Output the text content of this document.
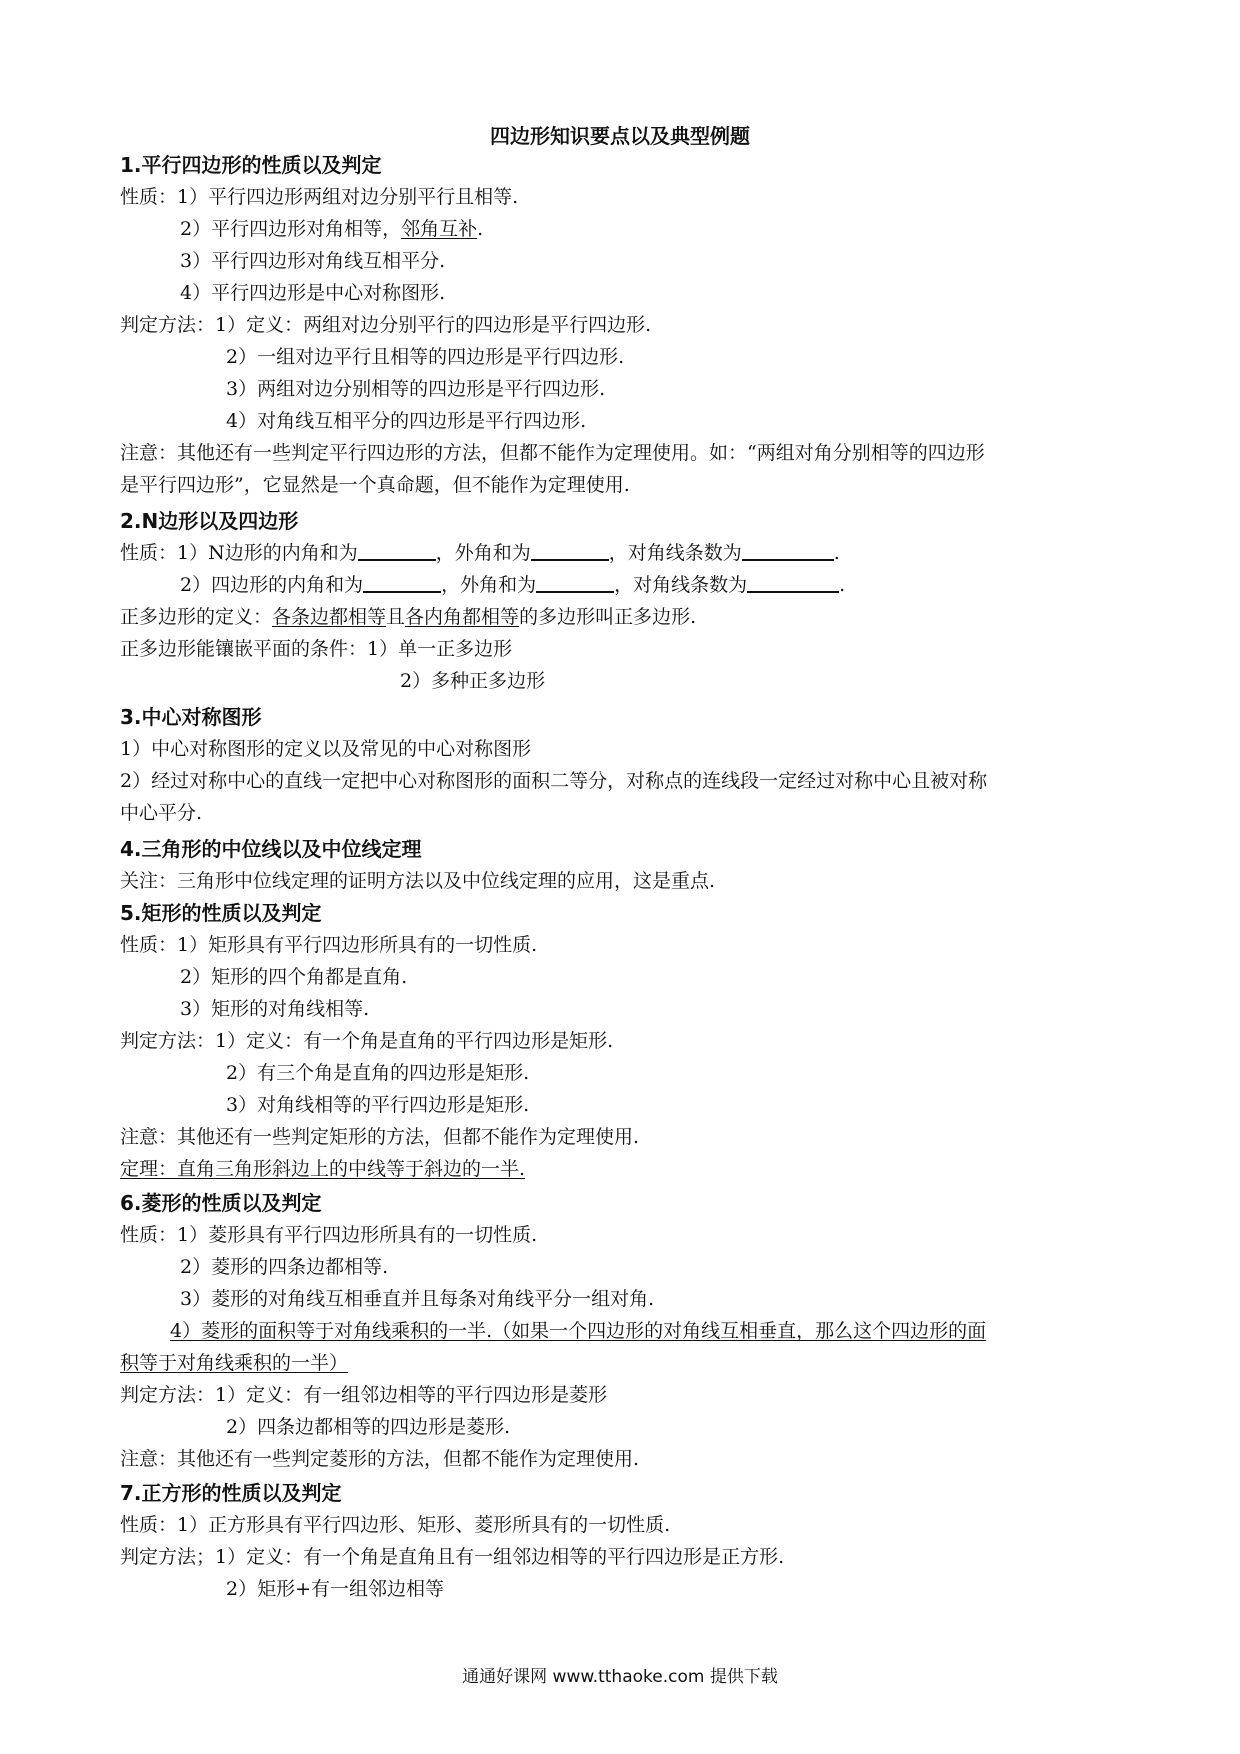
四边形知识要点以及典型例题
1.平行四边形的性质以及判定
性质：1）平行四边形两组对边分别平行且相等.
2）平行四边形对角相等，邻角互补.
3）平行四边形对角线互相平分.
4）平行四边形是中心对称图形.
判定方法：1）定义：两组对边分别平行的四边形是平行四边形.
2）一组对边平行且相等的四边形是平行四边形.
3）两组对边分别相等的四边形是平行四边形.
4）对角线互相平分的四边形是平行四边形.
注意：其他还有一些判定平行四边形的方法，但都不能作为定理使用。如：“两组对角分别相等的四边形
是平行四边形”，它显然是一个真命题，但不能作为定理使用.
2.N边形以及四边形
性质：1）N边形的内角和为	，外角和为	，对角线条数为	.
2）四边形的内角和为	，外角和为	，对角线条数为	.
正多边形的定义：各条边都相等且各内角都相等的多边形叫正多边形.
正多边形能镶嵌平面的条件：1）单一正多边形
2）多种正多边形
3.中心对称图形
1）中心对称图形的定义以及常见的中心对称图形
2）经过对称中心的直线一定把中心对称图形的面积二等分，对称点的连线段一定经过对称中心且被对称
中心平分.
4.三角形的中位线以及中位线定理
关注：三角形中位线定理的证明方法以及中位线定理的应用，这是重点.
5.矩形的性质以及判定
性质：1）矩形具有平行四边形所具有的一切性质.
2）矩形的四个角都是直角.
3）矩形的对角线相等.
判定方法：1）定义：有一个角是直角的平行四边形是矩形.
2）有三个角是直角的四边形是矩形.
3）对角线相等的平行四边形是矩形.
注意：其他还有一些判定矩形的方法，但都不能作为定理使用.
定理：直角三角形斜边上的中线等于斜边的一半.
6.菱形的性质以及判定
性质：1）菱形具有平行四边形所具有的一切性质.
2）菱形的四条边都相等.
3）菱形的对角线互相垂直并且每条对角线平分一组对角.
4）菱形的面积等于对角线乘积的一半.（如果一个四边形的对角线互相垂直，那么这个四边形的面
积等于对角线乘积的一半）
判定方法：1）定义：有一组邻边相等的平行四边形是菱形
2）四条边都相等的四边形是菱形.
注意：其他还有一些判定菱形的方法，但都不能作为定理使用.
7.正方形的性质以及判定
性质：1）正方形具有平行四边形、矩形、菱形所具有的一切性质.
判定方法；1）定义：有一个角是直角且有一组邻边相等的平行四边形是正方形.
2）矩形+有一组邻边相等
通通好课网 www.tthaoke.com 提供下载
